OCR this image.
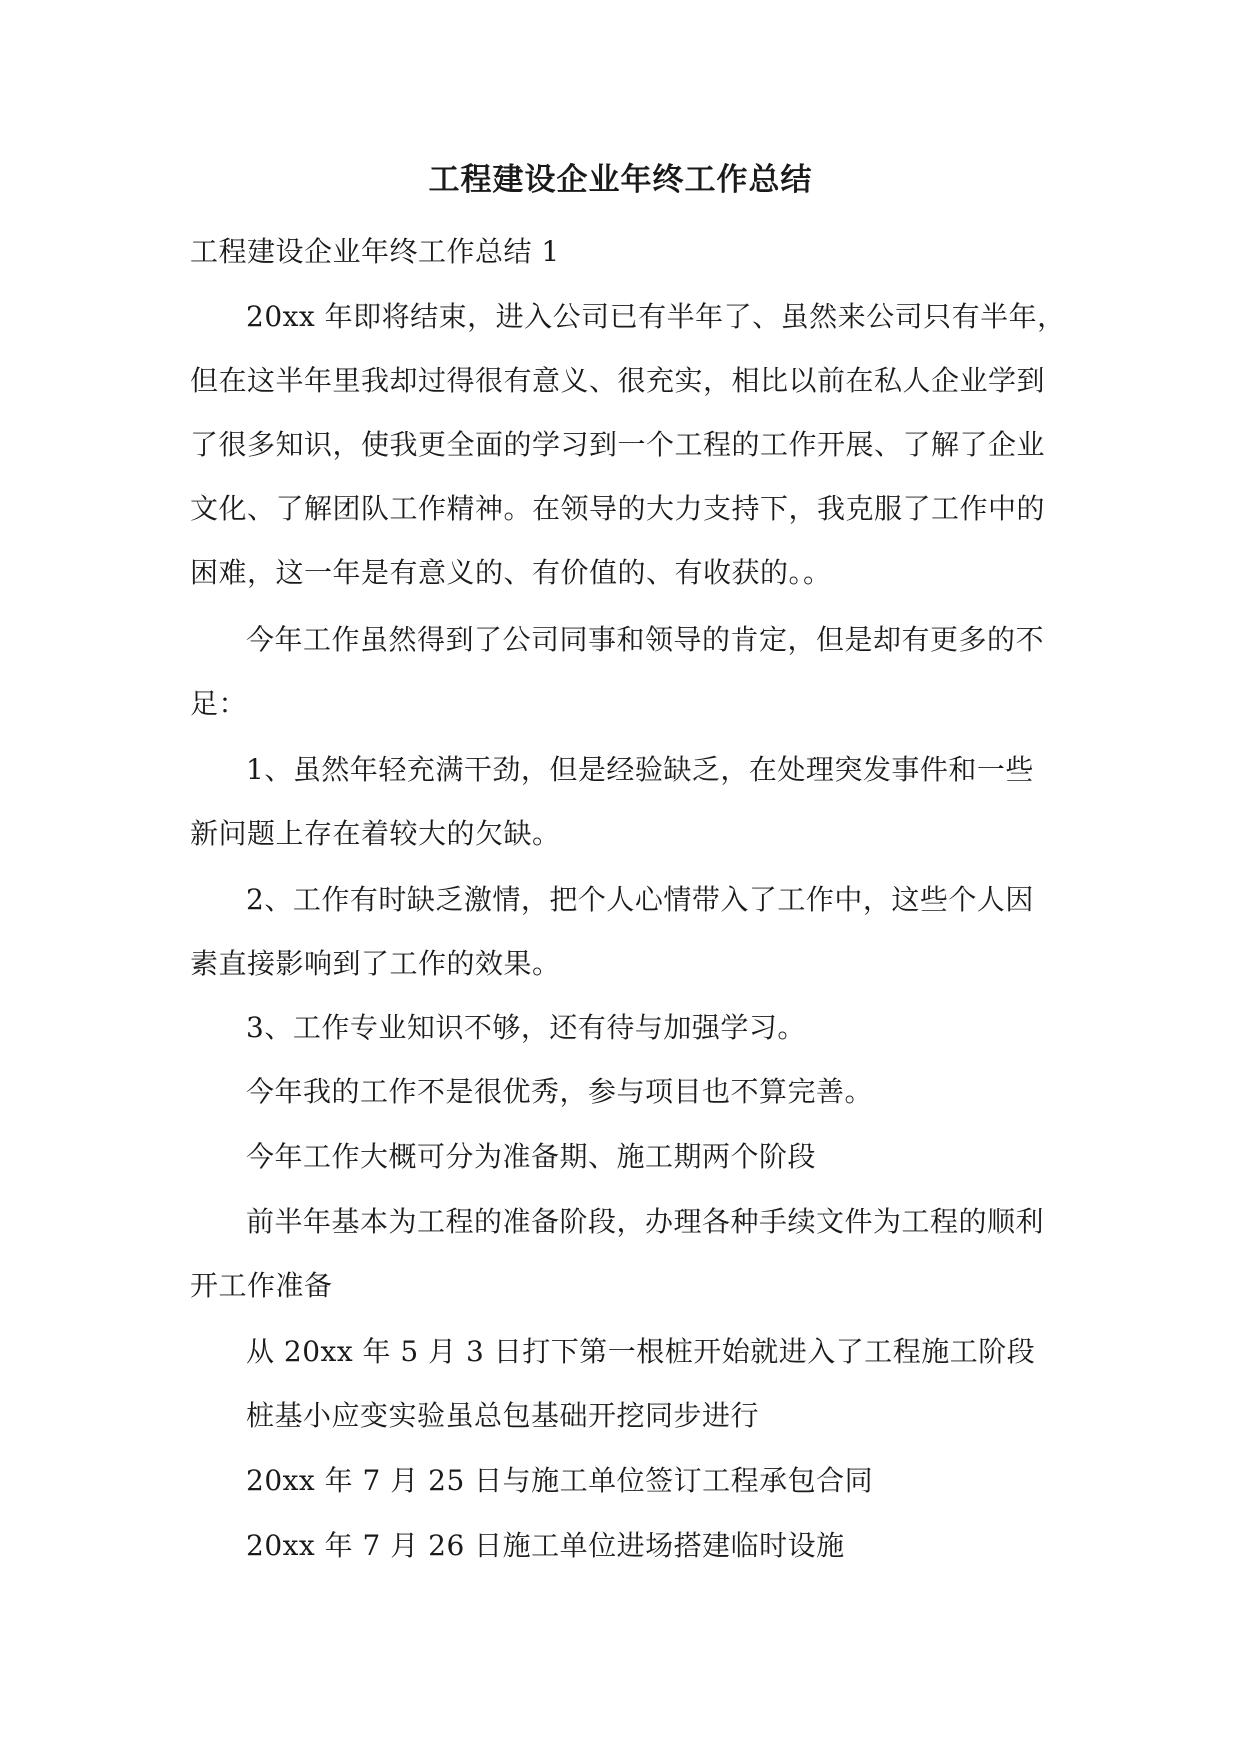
工程建设企业年终工作总结
工程建设企业年终工作总结 1
20xx 年即将结束，进入公司已有半年了、虽然来公司只有半年，
但在这半年里我却过得很有意义、很充实，相比以前在私人企业学到
了很多知识，使我更全面的学习到一个工程的工作开展、了解了企业
文化、了解团队工作精神。在领导的大力支持下，我克服了工作中的
困难，这一年是有意义的、有价值的、有收获的。。
今年工作虽然得到了公司同事和领导的肯定，但是却有更多的不
足：
1、虽然年轻充满干劲，但是经验缺乏，在处理突发事件和一些
新问题上存在着较大的欠缺。
2、工作有时缺乏激情，把个人心情带入了工作中，这些个人因
素直接影响到了工作的效果。
3、工作专业知识不够，还有待与加强学习。
今年我的工作不是很优秀，参与项目也不算完善。
今年工作大概可分为准备期、施工期两个阶段
前半年基本为工程的准备阶段，办理各种手续文件为工程的顺利
开工作准备
从 20xx 年 5 月 3 日打下第一根桩开始就进入了工程施工阶段
桩基小应变实验虽总包基础开挖同步进行
20xx 年 7 月 25 日与施工单位签订工程承包合同
20xx 年 7 月 26 日施工单位进场搭建临时设施
